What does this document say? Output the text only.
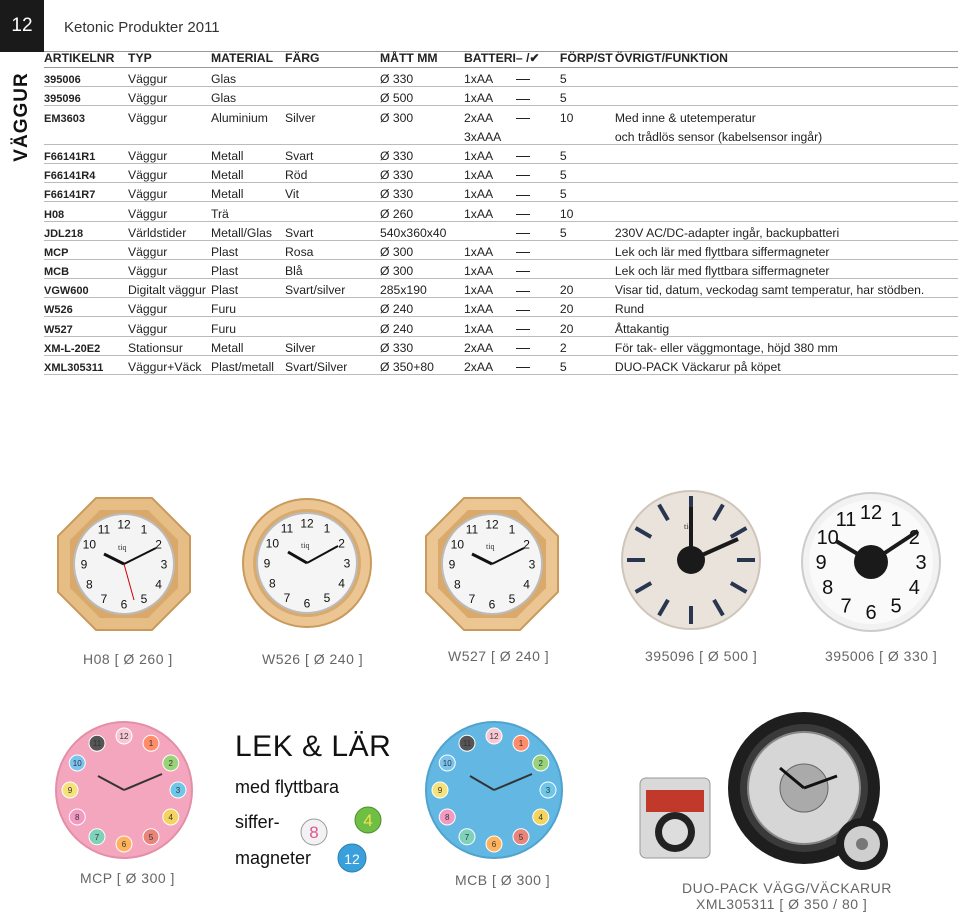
12	Ketonic Produkter 2011
VÄGGUR
ARTIKELNR	TYP	MATERIAL	FÄRG	MÅTT MM	BATTERI	– /✔	FÖRP/ST	ÖVRIGT/FUNKTION
395006	Väggur	Glas		Ø 330	1xAA		5	
395096	Väggur	Glas		Ø 500	1xAA		5	
EM3603	Väggur	Aluminium	Silver	Ø 300	2xAA		10	Med inne & utetemperatur
					3xAAA			och trådlös sensor (kabelsensor ingår)
F66141R1	Väggur	Metall	Svart	Ø 330	1xAA		5	
F66141R4	Väggur	Metall	Röd	Ø 330	1xAA		5	
F66141R7	Väggur	Metall	Vit	Ø 330	1xAA		5	
H08	Väggur	Trä		Ø 260	1xAA		10	
JDL218	Världstider	Metall/Glas	Svart	540x360x40			5	230V AC/DC-adapter ingår, backupbatteri
MCP	Väggur	Plast	Rosa	Ø 300	1xAA			Lek och lär med flyttbara siffermagneter
MCB	Väggur	Plast	Blå	Ø 300	1xAA			Lek och lär med flyttbara siffermagneter
VGW600	Digitalt väggur	Plast	Svart/silver	285x190	1xAA		20	Visar tid, datum, veckodag samt temperatur, har stödben.
W526	Väggur	Furu		Ø 240	1xAA		20	Rund
W527	Väggur	Furu		Ø 240	1xAA		20	Åttakantig
XM-L-20E2	Stationsur	Metall	Silver	Ø 330	2xAA		2	För tak- eller väggmontage, höjd 380 mm
XML305311	Väggur+Väck	Plast/metall	Svart/Silver	Ø 350+80	2xAA		5	DUO-PACK Väckarur på köpet
12 1
2
3
4
5
6
7
8
9
10
11
tiq
12 1
2
3
4
5
6
7
8
9
10
11
tiq
12 1
2
3
4
5
6
7
8
9
10
11
tiq
tiq
12 1
2
3
4
5
6
7
8
9
10
11
12
1
2
3
4
5
6
7
8
9
10
11
12
1
2
3
4
5
6
7
8
9
10
11
H08 [ Ø 260 ]	W526 [ Ø 240 ]	W527 [ Ø 240 ]	395096 [ Ø 500 ]	395006 [ Ø 330 ]
MCP [ Ø 300 ]	MCB [ Ø 300 ]	DUO-PACK VÄGG/VÄCKARUR
XML305311 [ Ø 350 / 80 ]
LEK & LÄR
med flyttbara
siffer-
magneter
8
4
12
